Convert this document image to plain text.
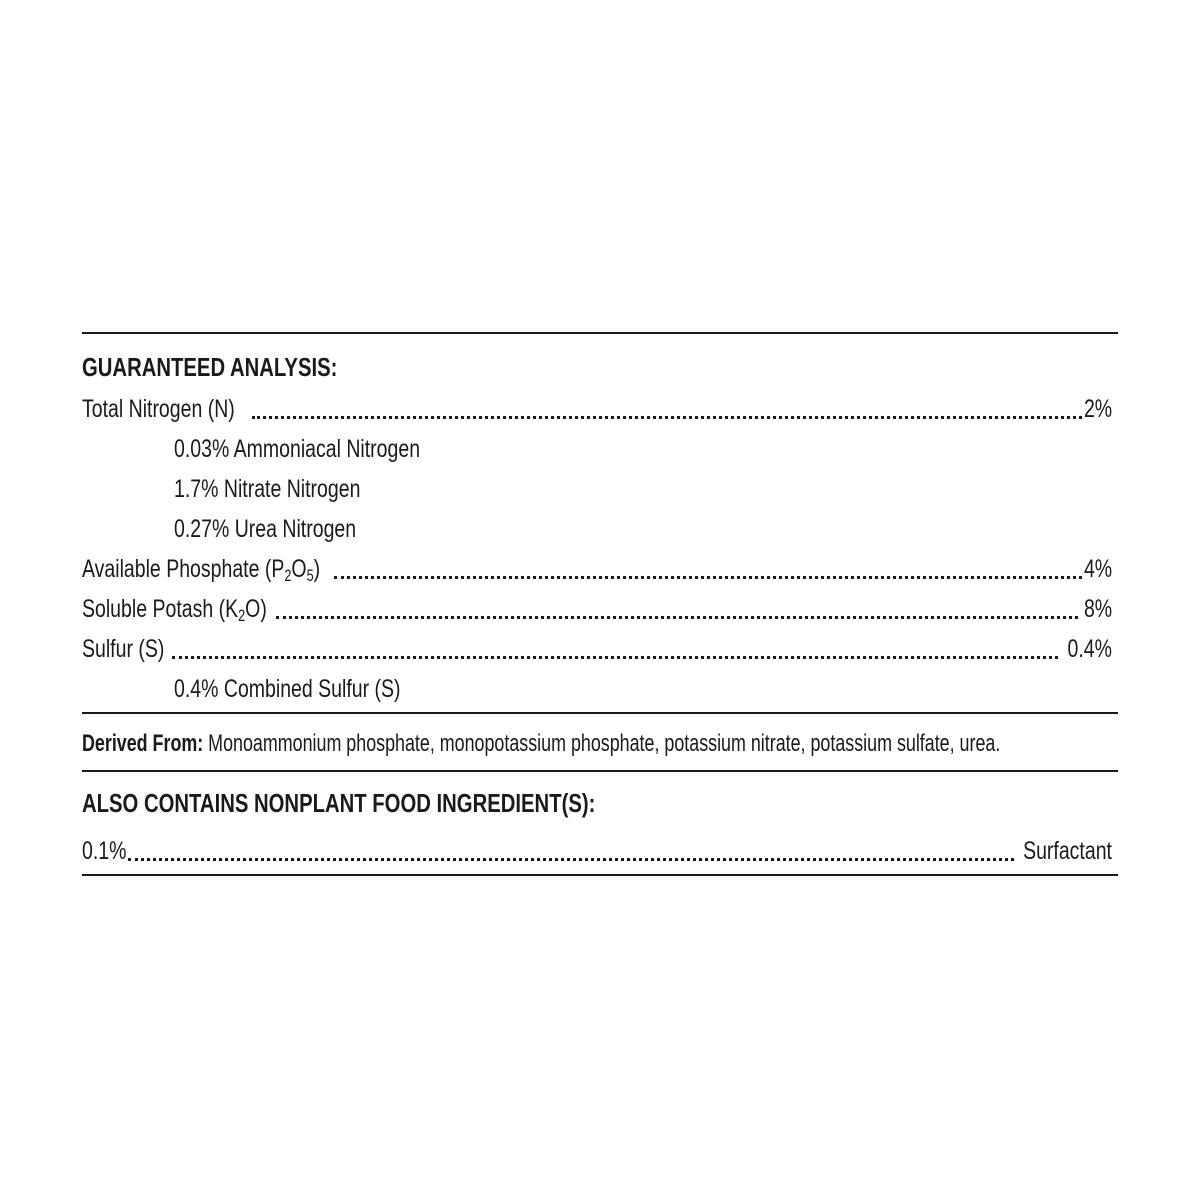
GUARANTEED ANALYSIS:
Total Nitrogen (N)	2%
0.03% Ammoniacal Nitrogen
1.7% Nitrate Nitrogen
0.27% Urea Nitrogen
Available Phosphate $(P_2O_5)$	4%
Soluble Potash $(K_2O)$	8%
Sulfur (S)	0.4%
0.4% Combined Sulfur (S)
Derived From: Monoammonium phosphate, monopotassium phosphate, potassium nitrate, potassium sulfate, urea.
ALSO CONTAINS NONPLANT FOOD INGREDIENT(S):
0.1%	Surfactant
